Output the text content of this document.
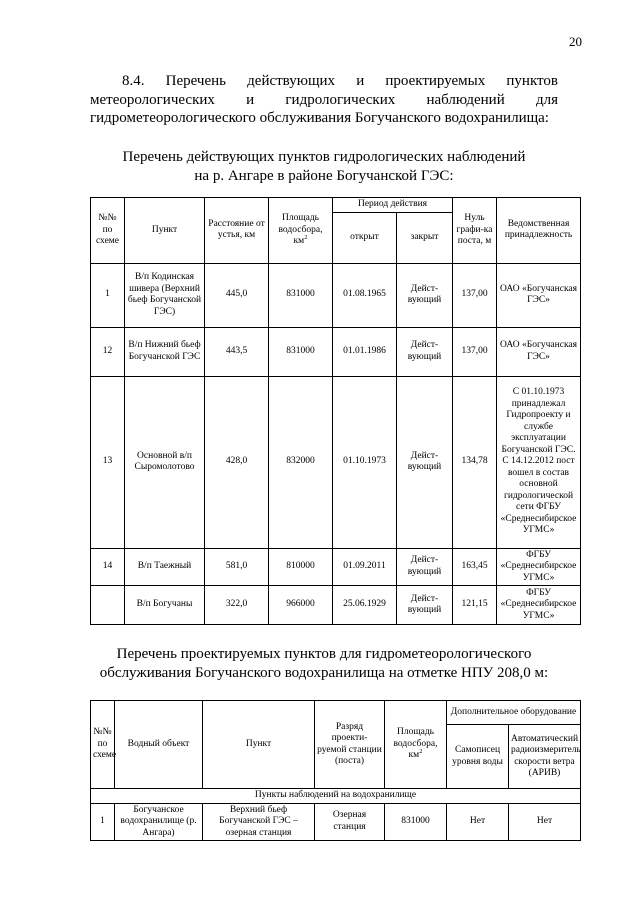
20
8.4. Перечень действующих и проектируемых пунктов
метеорологических и гидрологических наблюдений для
гидрометеорологического обслуживания Богучанского водохранилища:
Перечень действующих пунктов гидрологических наблюдений
на р. Ангаре в районе Богучанской ГЭС:
№№ по схеме	Пункт	Расстояние от устья, км	Площадь водосбора, $км^2$	Период действия		Нуль графи-ка поста, м	Ведомственная принадлежность
				открыт	закрыт		
1	В/п Кодинская шивера (Верхний бьеф Богучанской ГЭС)	445,0	831000	01.08.1965	Дейст-вующий	137,00	ОАО «Богучанская ГЭС»
12	В/п Нижний бьеф Богучанской ГЭС	443,5	831000	01.01.1986	Дейст-вующий	137,00	ОАО «Богучанская ГЭС»
13	Основной в/п Сыромолотово	428,0	832000	01.10.1973	Дейст-вующий	134,78	С 01.10.1973 принадлежал Гидропроекту и службе эксплуатации Богучанской ГЭС. С 14.12.2012 пост вошел в состав основной гидрологической сети ФГБУ «Среднесибирское УГМС»
14	В/п Таежный	581,0	810000	01.09.2011	Дейст-вующий	163,45	ФГБУ «Среднесибирское УГМС»
	В/п Богучаны	322,0	966000	25.06.1929	Дейст-вующий	121,15	ФГБУ «Среднесибирское УГМС»
Перечень проектируемых пунктов для гидрометеорологического
обслуживания Богучанского водохранилища на отметке НПУ 208,0 м:
№№ по схеме	Водный объект	Пункт	Разряд проекти-руемой станции (поста)	Площадь водосбора, $км^2$	Дополнительное оборудование	
					Самописец уровня воды	Автоматический радиоизмеритель скорости ветра (АРИВ)
Пункты наблюдений на водохранилище						
1	Богучанское водохранилище (р. Ангара)	Верхний бьеф Богучанской ГЭС – озерная станция	Озерная станция	831000	Нет	Нет
